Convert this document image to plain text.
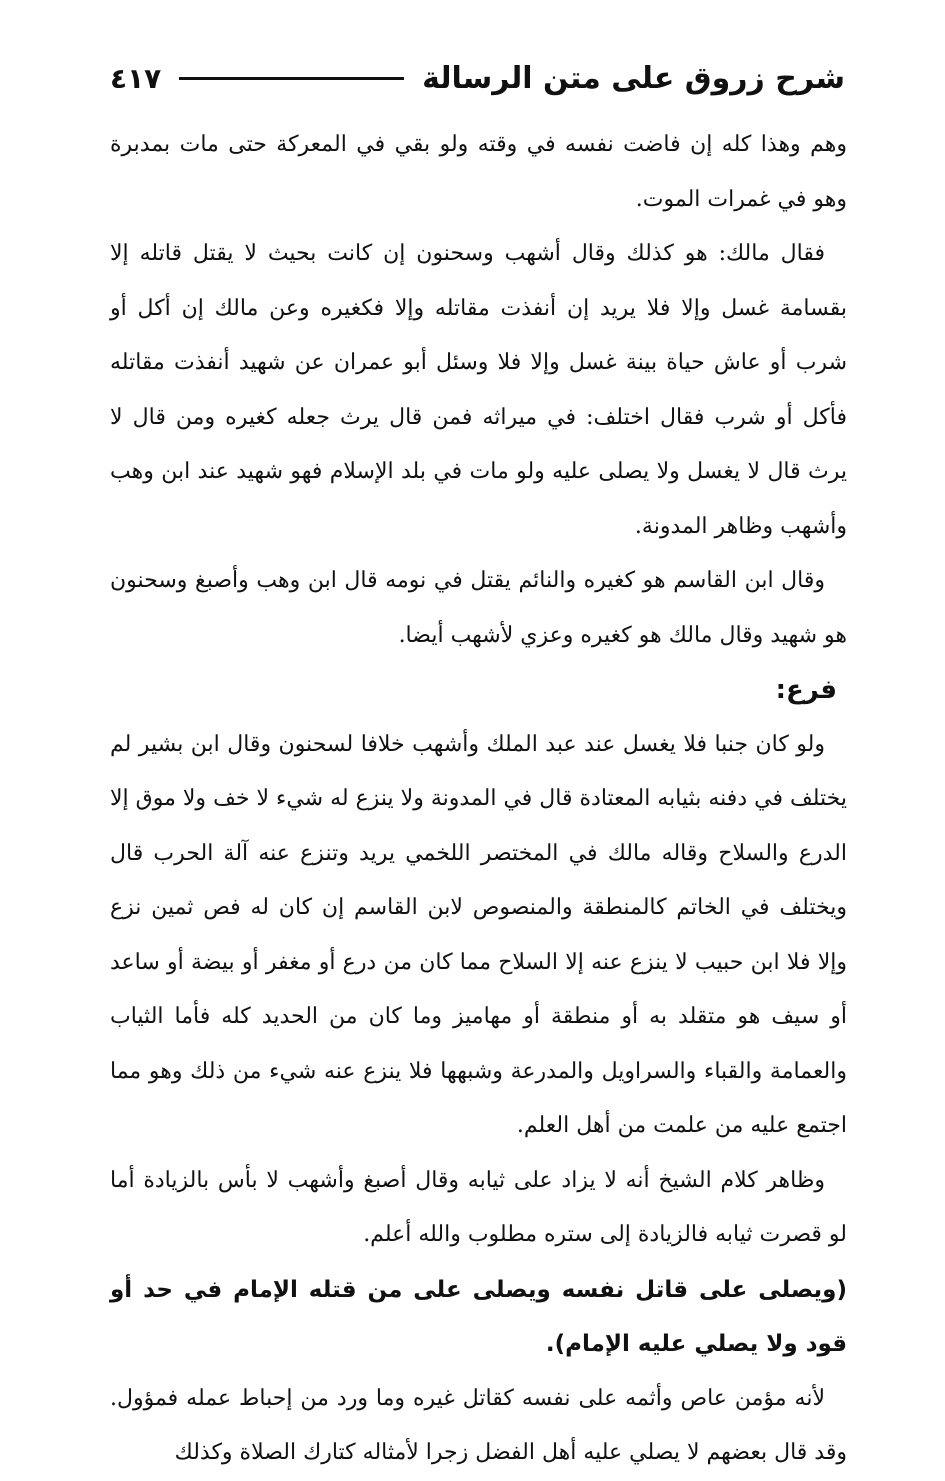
شرح زروق على متن الرسالة
٤١٧

وهم وهذا كله إن فاضت نفسه في وقته ولو بقي في المعركة حتى مات بمدبرة وهو في غمرات الموت.

فقال مالك: هو كذلك وقال أشهب وسحنون إن كانت بحيث لا يقتل قاتله إلا بقسامة غسل وإلا فلا يريد إن أنفذت مقاتله وإلا فكغيره وعن مالك إن أكل أو شرب أو عاش حياة بينة غسل وإلا فلا وسئل أبو عمران عن شهيد أنفذت مقاتله فأكل أو شرب فقال اختلف: في ميراثه فمن قال يرث جعله كغيره ومن قال لا يرث قال لا يغسل ولا يصلى عليه ولو مات في بلد الإسلام فهو شهيد عند ابن وهب وأشهب وظاهر المدونة.

وقال ابن القاسم هو كغيره والنائم يقتل في نومه قال ابن وهب وأصبغ وسحنون هو شهيد وقال مالك هو كغيره وعزي لأشهب أيضا.

فرع:

ولو كان جنبا فلا يغسل عند عبد الملك وأشهب خلافا لسحنون وقال ابن بشير لم يختلف في دفنه بثيابه المعتادة قال في المدونة ولا ينزع له شيء لا خف ولا موق إلا الدرع والسلاح وقاله مالك في المختصر اللخمي يريد وتنزع عنه آلة الحرب قال ويختلف في الخاتم كالمنطقة والمنصوص لابن القاسم إن كان له فص ثمين نزع وإلا فلا ابن حبيب لا ينزع عنه إلا السلاح مما كان من درع أو مغفر أو بيضة أو ساعد أو سيف هو متقلد به أو منطقة أو مهاميز وما كان من الحديد كله فأما الثياب والعمامة والقباء والسراويل والمدرعة وشبهها فلا ينزع عنه شيء من ذلك وهو مما اجتمع عليه من علمت من أهل العلم.

وظاهر كلام الشيخ أنه لا يزاد على ثيابه وقال أصبغ وأشهب لا بأس بالزيادة أما لو قصرت ثيابه فالزيادة إلى ستره مطلوب والله أعلم.

(ويصلى على قاتل نفسه ويصلى على من قتله الإمام في حد أو قود ولا يصلي عليه الإمام).

لأنه مؤمن عاص وأثمه على نفسه كقاتل غيره وما ورد من إحباط عمله فمؤول. وقد قال بعضهم لا يصلي عليه أهل الفضل زجرا لأمثاله كتارك الصلاة وكذلك
